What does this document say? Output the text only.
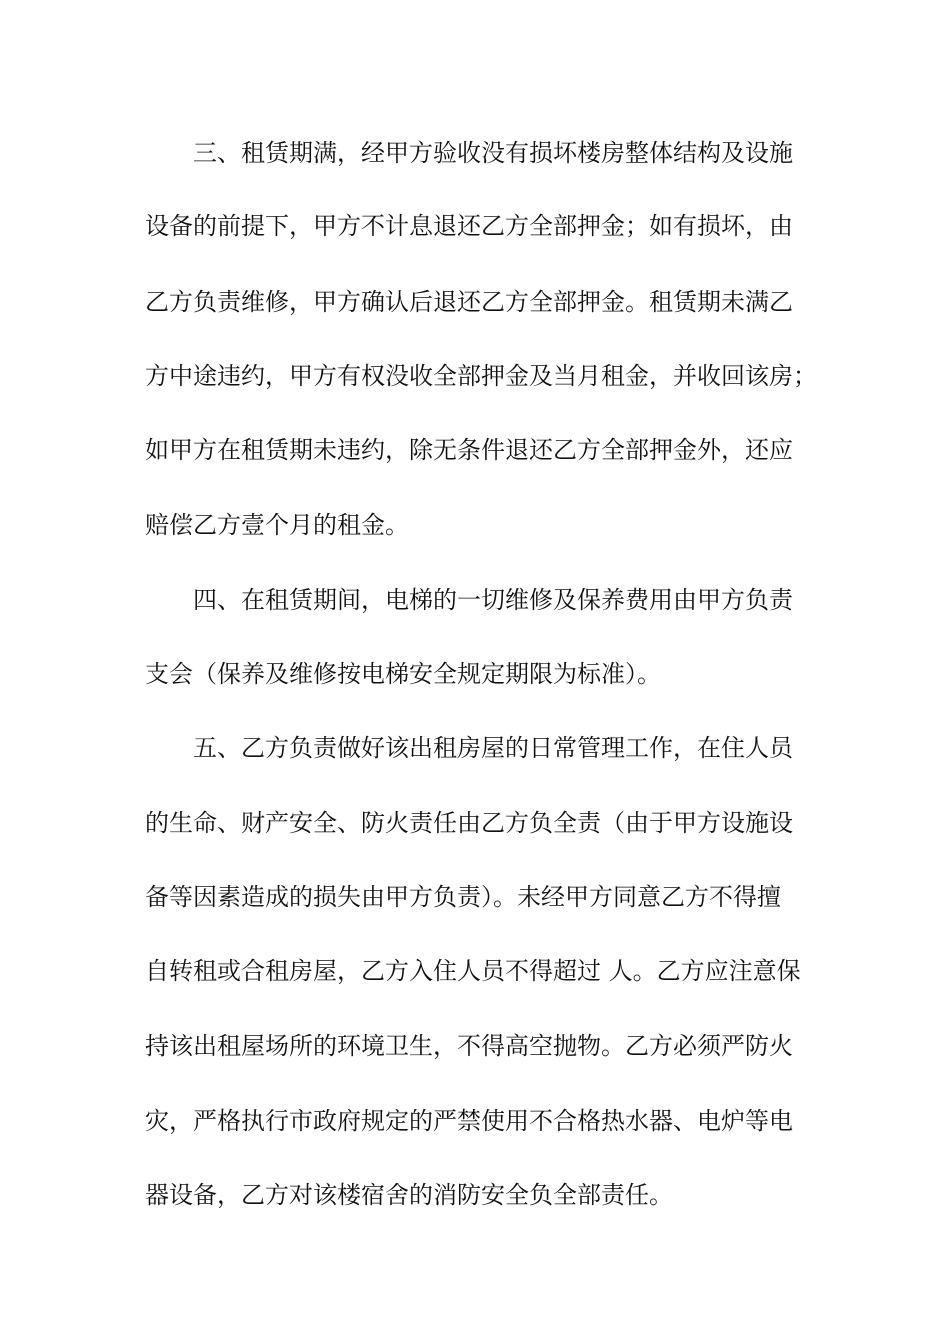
三、租赁期满，经甲方验收没有损坏楼房整体结构及设施
设备的前提下，甲方不计息退还乙方全部押金；如有损坏，由
乙方负责维修，甲方确认后退还乙方全部押金。租赁期未满乙
方中途违约，甲方有权没收全部押金及当月租金，并收回该房；
如甲方在租赁期未违约，除无条件退还乙方全部押金外，还应
赔偿乙方壹个月的租金。
四、在租赁期间，电梯的一切维修及保养费用由甲方负责
支会（保养及维修按电梯安全规定期限为标准）。
五、乙方负责做好该出租房屋的日常管理工作，在住人员
的生命、财产安全、防火责任由乙方负全责（由于甲方设施设
备等因素造成的损失由甲方负责）。未经甲方同意乙方不得擅
自转租或合租房屋，乙方入住人员不得超过 人。乙方应注意保
持该出租屋场所的环境卫生，不得高空抛物。乙方必须严防火
灾，严格执行市政府规定的严禁使用不合格热水器、电炉等电
器设备，乙方对该楼宿舍的消防安全负全部责任。
